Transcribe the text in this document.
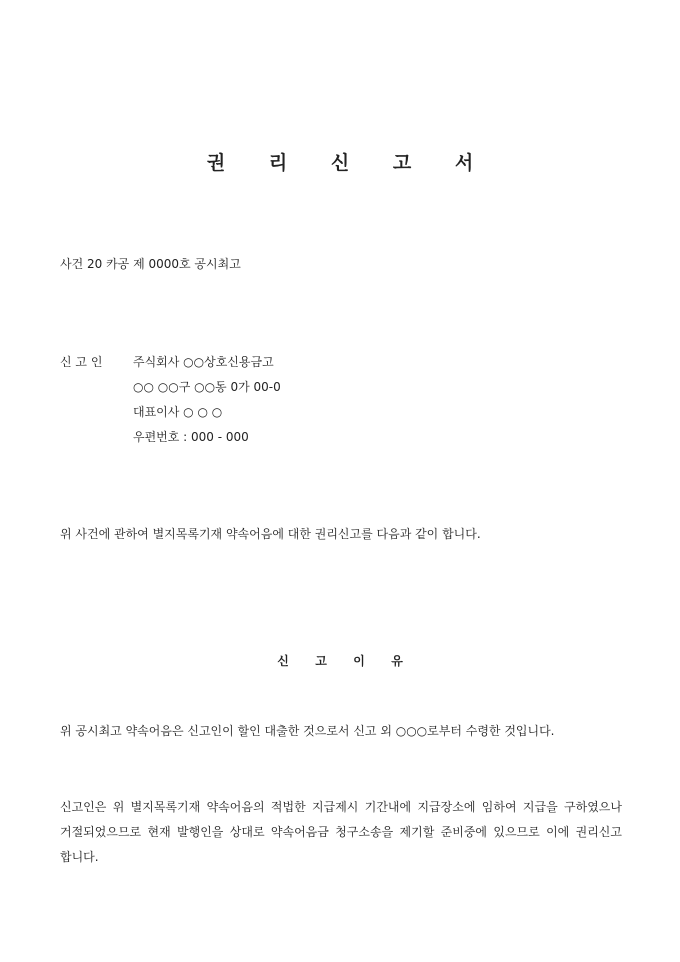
권 리 신 고 서
사건 20 카공 제 0000호 공시최고
신 고 인	주식회사 ○○상호신용금고
○○ ○○구 ○○동 0가 00-0
대표이사 ○ ○ ○
우편번호 : 000 - 000
위 사건에 관하여 별지목록기재 약속어음에 대한 권리신고를 다음과 같이 합니다.
신 고 이 유
위 공시최고 약속어음은 신고인이 할인 대출한 것으로서 신고 외 ○○○로부터 수령한 것입니다.
신고인은 위 별지목록기재 약속어음의 적법한 지급제시 기간내에 지급장소에 임하여 지급을 구하였으나 거절되었으므로 현재 발행인을 상대로 약속어음금 청구소송을 제기할 준비중에 있으므로 이에 권리신고 합니다.
